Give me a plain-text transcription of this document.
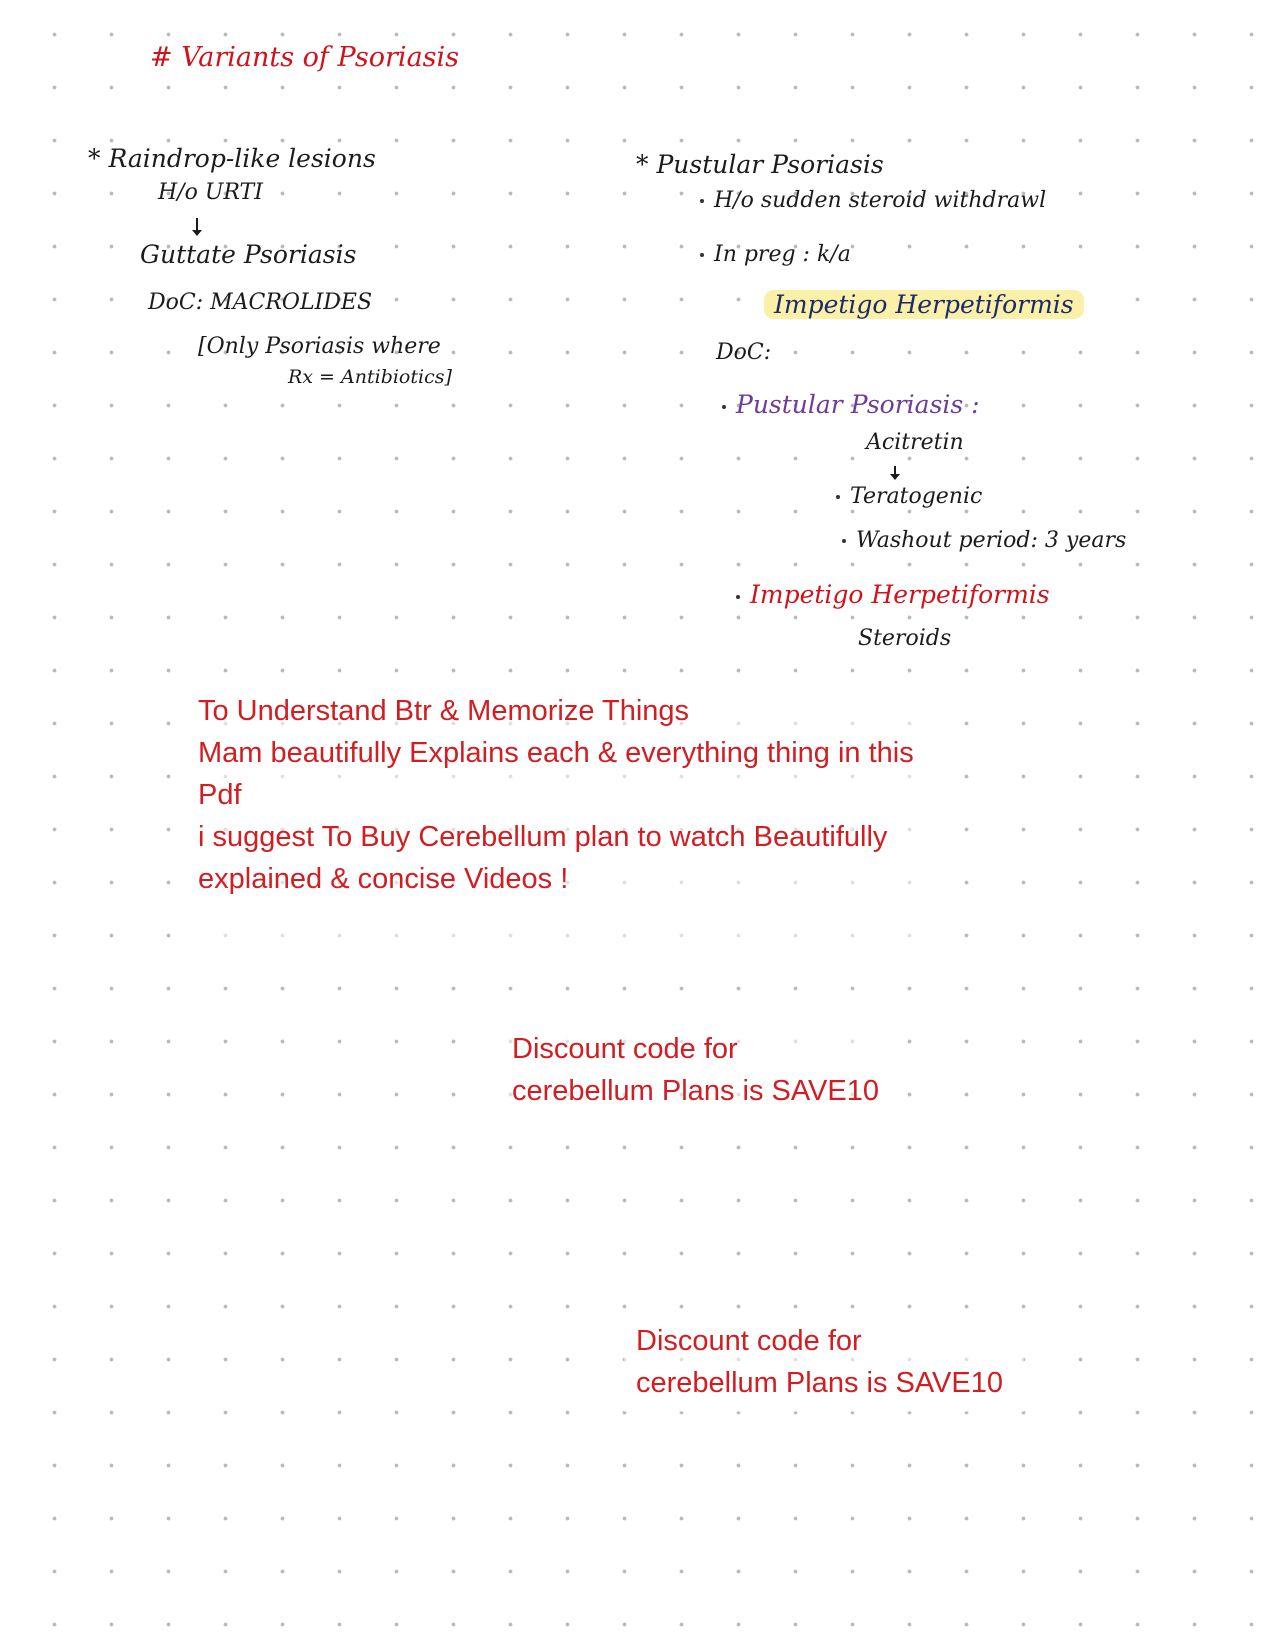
# Variants of Psoriasis
* Raindrop-like lesions
H/o URTI
Guttate Psoriasis
DoC: MACROLIDES
[Only Psoriasis where
Rx = Antibiotics]
* Pustular Psoriasis
H/o sudden steroid withdrawl
In preg : k/a
Impetigo Herpetiformis
DoC:
Pustular Psoriasis :
Acitretin
Teratogenic
Washout period: 3 years
Impetigo Herpetiformis
Steroids
To Understand Btr & Memorize Things
Mam beautifully Explains each & everything thing in this
Pdf
i suggest To Buy Cerebellum plan to watch Beautifully
explained & concise Videos !
Discount code for
cerebellum Plans is SAVE10
Discount code for
cerebellum Plans is SAVE10
